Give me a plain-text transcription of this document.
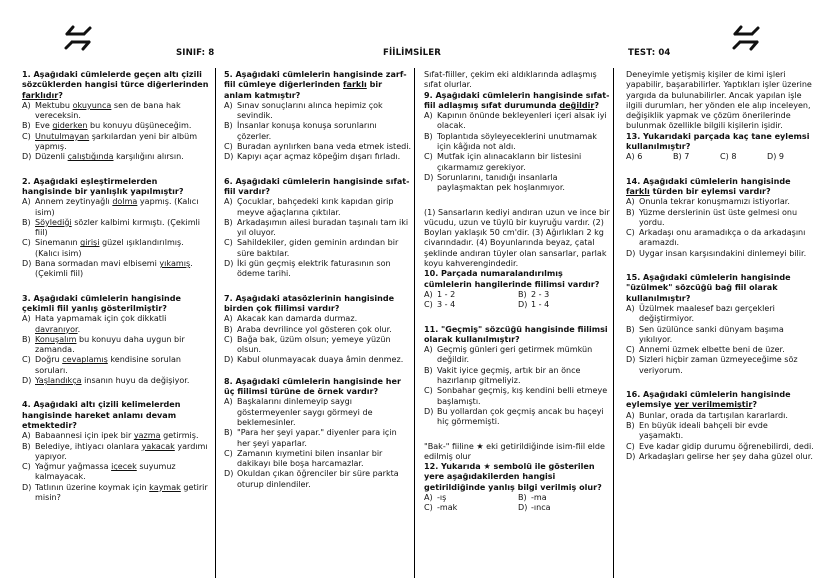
SINIF: 8	FİİLİMSİLER	TEST: 04

1. Aşağıdaki cümlelerde geçen altı çizili sözcüklerden hangisi türce diğerlerinden farklıdır?

A) Mektubu okuyunca sen de bana hak vereceksin.

B) Eve giderken bu konuyu düşüneceğim.

C) Unutulmayan şarkılardan yeni bir albüm yapmış.

D) Düzenli çalıştığında karşılığını alırsın.

2. Aşağıdaki eşleştirmelerden hangisinde bir yanlışlık yapılmıştır?

A) Annem zeytinyağlı dolma yapmış. (Kalıcı isim)

B) Söylediği sözler kalbimi kırmıştı. (Çekimli fiil)

C) Sinemanın girişi güzel ışıklandırılmış. (Kalıcı isim)

D) Bana sormadan mavi elbisemi yıkamış. (Çekimli fiil)

3. Aşağıdaki cümlelerin hangisinde çekimli fiil yanlış gösterilmiştir?

A) Hata yapmamak için çok dikkatli davranıyor.

B) Konuşalım bu konuyu daha uygun bir zamanda.

C) Doğru cevaplamış kendisine sorulan soruları.

D) Yaşlandıkça insanın huyu da değişiyor.

4. Aşağıdaki altı çizili kelimelerden hangisinde hareket anlamı devam etmektedir?

A) Babaannesi için ipek bir yazma getirmiş.

B) Belediye, ihtiyacı olanlara yakacak yardımı yapıyor.

C) Yağmur yağmassa içecek suyumuz kalmayacak.

D) Tatlının üzerine koymak için kaymak getirir misin?

5. Aşağıdaki cümlelerin hangisinde zarf-fiil cümleye diğerlerinden farklı bir anlam katmıştır?

A) Sınav sonuçlarını alınca hepimiz çok sevindik.

B) İnsanlar konuşa konuşa sorunlarını çözerler.

C) Buradan ayrılırken bana veda etmek istedi.

D) Kapıyı açar açmaz köpeğim dışarı fırladı.

6. Aşağıdaki cümlelerin hangisinde sıfat-fiil vardır?

A) Çocuklar, bahçedeki kırık kapıdan girip meyve ağaçlarına çıktılar.

B) Arkadaşımın ailesi buradan taşınalı tam iki yıl oluyor.

C) Sahildekiler, giden geminin ardından bir süre baktılar.

D) İki gün geçmiş elektrik faturasının son ödeme tarihi.

7. Aşağıdaki atasözlerinin hangisinde birden çok fiilimsi vardır?

A) Akacak kan damarda durmaz.

B) Araba devrilince yol gösteren çok olur.

C) Bağa bak, üzüm olsun; yemeye yüzün olsun.

D) Kabul olunmayacak duaya âmin denmez.

8. Aşağıdaki cümlelerin hangisinde her üç fiilimsi türüne de örnek vardır?

A) Başkalarını dinlemeyip saygı göstermeyenler saygı görmeyi de beklemesinler.

B) "Para her şeyi yapar." diyenler para için her şeyi yaparlar.

C) Zamanın kıymetini bilen insanlar bir dakikayı bile boşa harcamazlar.

D) Okuldan çıkan öğrenciler bir süre parkta oturup dinlendiler.

Sıfat-fiiller, çekim eki aldıklarında adlaşmış sıfat olurlar.

9. Aşağıdaki cümlelerin hangisinde sıfat-fiil adlaşmış sıfat durumunda değildir?

A) Kapının önünde bekleyenleri içeri alsak iyi olacak.

B) Toplantıda söyleyeceklerini unutmamak için kâğıda not aldı.

C) Mutfak için alınacakların bir listesini çıkarmamız gerekiyor.

D) Sorunlarını, tanıdığı insanlarla paylaşmaktan pek hoşlanmıyor.

(1) Sansarların kediyi andıran uzun ve ince bir vücudu, uzun ve tüylü bir kuyruğu vardır. (2) Boyları yaklaşık 50 cm'dir. (3) Ağırlıkları 2 kg civarındadır. (4) Boyunlarında beyaz, çatal şeklinde andıran tüyler olan sansarlar, parlak koyu kahverengindedir.

10. Parçada numaralandırılmış cümlelerin hangilerinde fiilimsi vardır?

A) 1 - 2	B) 2 - 3
C) 3 - 4	D) 1 - 4

11. "Geçmiş" sözcüğü hangisinde fiilimsi olarak kullanılmıştır?

A) Geçmiş günleri geri getirmek mümkün değildir.

B) Vakit iyice geçmiş, artık bir an önce hazırlanıp gitmeliyiz.

C) Sonbahar geçmiş, kış kendini belli etmeye başlamıştı.

D) Bu yollardan çok geçmiş ancak bu haçeyi hiç görmemişti.

"Bak-" fiiline ★ eki getirildiğinde isim-fiil elde edilmiş olur

12. Yukarıda ★ sembolü ile gösterilen yere aşağıdakilerden hangisi getirildiğinde yanlış bilgi verilmiş olur?

A) -ış	B) -ma
C) -mak	D) -ınca

Deneyimle yetişmiş kişiler de kimi işleri yapabilir, başarabilirler. Yaptıkları işler üzerine yargıda da bulunabilirler. Ancak yapılan işle ilgili durumları, her yönden ele alıp inceleyen, değişiklik yapmak ve çözüm önerilerinde bulunmak özellikle bilgili kişilerin işidir.

13. Yukarıdaki parçada kaç tane eylemsi kullanılmıştır?

A) 6	B) 7	C) 8	D) 9

14. Aşağıdaki cümlelerin hangisinde farklı türden bir eylemsi vardır?

A) Onunla tekrar konuşmamızı istiyorlar.

B) Yüzme derslerinin üst üste gelmesi onu yordu.

C) Arkadaşı onu aramadıkça o da arkadaşını aramazdı.

D) Uygar insan karşısındakini dinlemeyi bilir.

15. Aşağıdaki cümlelerin hangisinde "üzülmek" sözcüğü bağ fiil olarak kullanılmıştır?

A) Üzülmek maalesef bazı gerçekleri değiştirmiyor.

B) Sen üzülünce sanki dünyam başıma yıkılıyor.

C) Annemi üzmek elbette beni de üzer.

D) Sizleri hiçbir zaman üzmeyeceğime söz veriyorum.

16. Aşağıdaki cümlelerin hangisinde eylemsiye yer verilmemiştir?

A) Bunlar, orada da tartışılan kararlardı.

B) En büyük ideali bahçeli bir evde yaşamaktı.

C) Eve kadar gidip durumu öğrenebilirdi, dedi.

D) Arkadaşları gelirse her şey daha güzel olur.
